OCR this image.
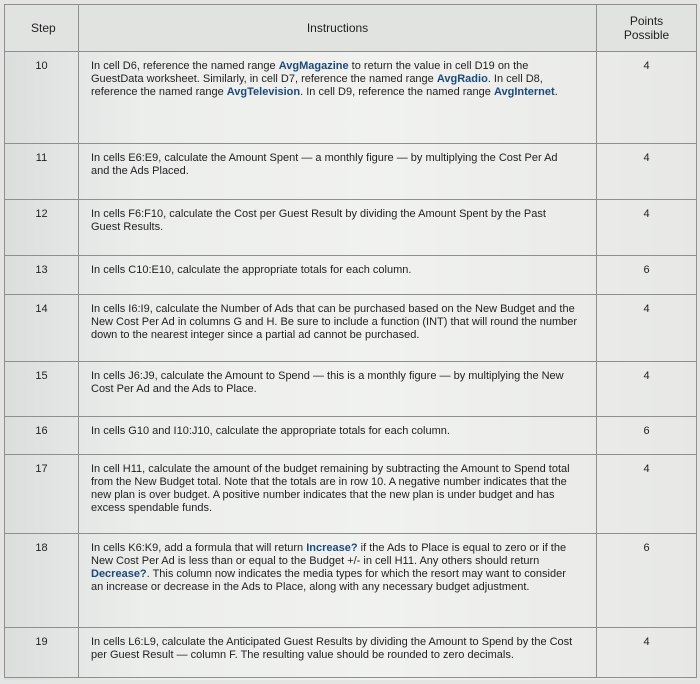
Step	Instructions	Points
Possible
10	In cell D6, reference the named range AvgMagazine to return the value in cell D19 on the GuestData worksheet. Similarly, in cell D7, reference the named range AvgRadio. In cell D8, reference the named range AvgTelevision. In cell D9, reference the named range AvgInternet.	4
11	In cells E6:E9, calculate the Amount Spent — a monthly figure — by multiplying the Cost Per Ad and the Ads Placed.	4
12	In cells F6:F10, calculate the Cost per Guest Result by dividing the Amount Spent by the Past Guest Results.	4
13	In cells C10:E10, calculate the appropriate totals for each column.	6
14	In cells I6:I9, calculate the Number of Ads that can be purchased based on the New Budget and the New Cost Per Ad in columns G and H. Be sure to include a function (INT) that will round the number down to the nearest integer since a partial ad cannot be purchased.	4
15	In cells J6:J9, calculate the Amount to Spend — this is a monthly figure — by multiplying the New Cost Per Ad and the Ads to Place.	4
16	In cells G10 and I10:J10, calculate the appropriate totals for each column.	6
17	In cell H11, calculate the amount of the budget remaining by subtracting the Amount to Spend total from the New Budget total. Note that the totals are in row 10. A negative number indicates that the new plan is over budget. A positive number indicates that the new plan is under budget and has excess spendable funds.	4
18	In cells K6:K9, add a formula that will return Increase? if the Ads to Place is equal to zero or if the New Cost Per Ad is less than or equal to the Budget +/- in cell H11. Any others should return Decrease?. This column now indicates the media types for which the resort may want to consider an increase or decrease in the Ads to Place, along with any necessary budget adjustment.	6
19	In cells L6:L9, calculate the Anticipated Guest Results by dividing the Amount to Spend by the Cost per Guest Result — column F. The resulting value should be rounded to zero decimals.	4
